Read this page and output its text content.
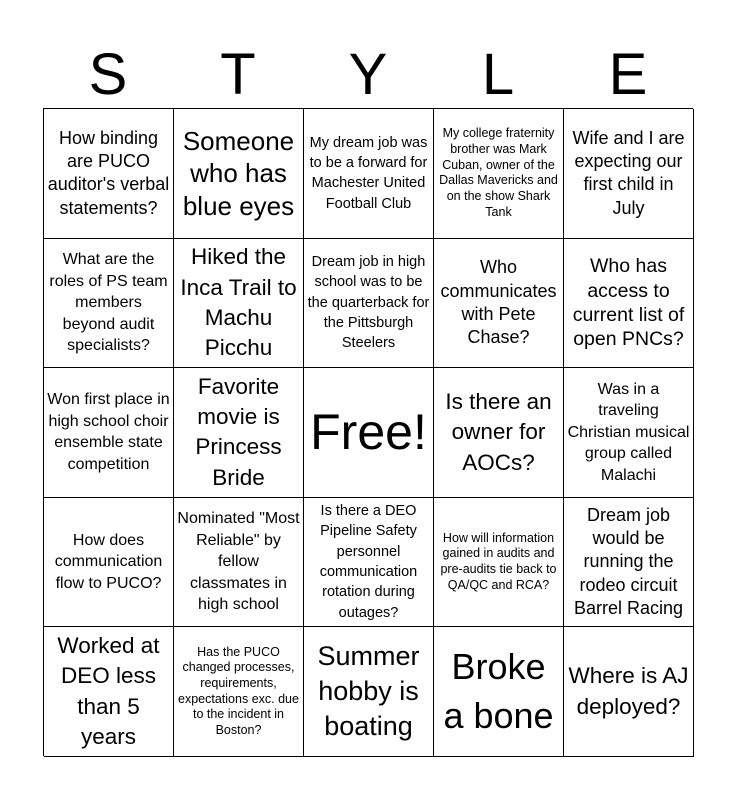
S	T	Y	L	E
How binding are PUCO auditor's verbal statements?
Someone who has blue eyes
My dream job was to be a forward for Machester United Football Club
My college fraternity brother was Mark Cuban, owner of the Dallas Mavericks and on the show Shark Tank
Wife and I are expecting our first child in July
What are the roles of PS team members beyond audit specialists?
Hiked the Inca Trail to Machu Picchu
Dream job in high school was to be the quarterback for the Pittsburgh Steelers
Who communicates with Pete Chase?
Who has access to current list of open PNCs?
Won first place in high school choir ensemble state competition
Favorite movie is Princess Bride
Free!
Is there an owner for AOCs?
Was in a traveling Christian musical group called Malachi
How does communication flow to PUCO?
Nominated "Most Reliable" by fellow classmates in high school
Is there a DEO Pipeline Safety personnel communication rotation during outages?
How will information gained in audits and pre-audits tie back to QA/QC and RCA?
Dream job would be running the rodeo circuit Barrel Racing
Worked at DEO less than 5 years
Has the PUCO changed processes, requirements, expectations exc. due to the incident in Boston?
Summer hobby is boating
Broke a bone
Where is AJ deployed?
